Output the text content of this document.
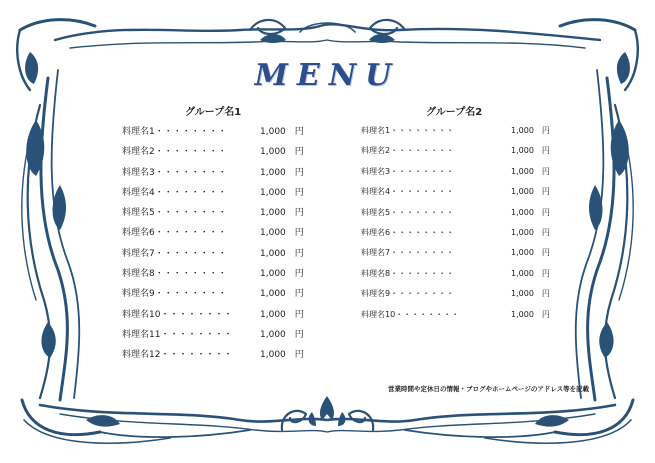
MENU
グループ名1
料理名1・・・・・・・・	1,000　円
料理名2・・・・・・・・	1,000　円
料理名3・・・・・・・・	1,000　円
料理名4・・・・・・・・	1,000　円
料理名5・・・・・・・・	1,000　円
料理名6・・・・・・・・	1,000　円
料理名7・・・・・・・・	1,000　円
料理名8・・・・・・・・	1,000　円
料理名9・・・・・・・・	1,000　円
料理名10・・・・・・・・	1,000　円
料理名11・・・・・・・・	1,000　円
料理名12・・・・・・・・	1,000　円
グループ名2
料理名1・・・・・・・・	1,000　円
料理名2・・・・・・・・	1,000　円
料理名3・・・・・・・・	1,000　円
料理名4・・・・・・・・	1,000　円
料理名5・・・・・・・・	1,000　円
料理名6・・・・・・・・	1,000　円
料理名7・・・・・・・・	1,000　円
料理名8・・・・・・・・	1,000　円
料理名9・・・・・・・・	1,000　円
料理名10・・・・・・・・	1,000　円
営業時間や定休日の情報・ブログやホームページのアドレス等を記載
